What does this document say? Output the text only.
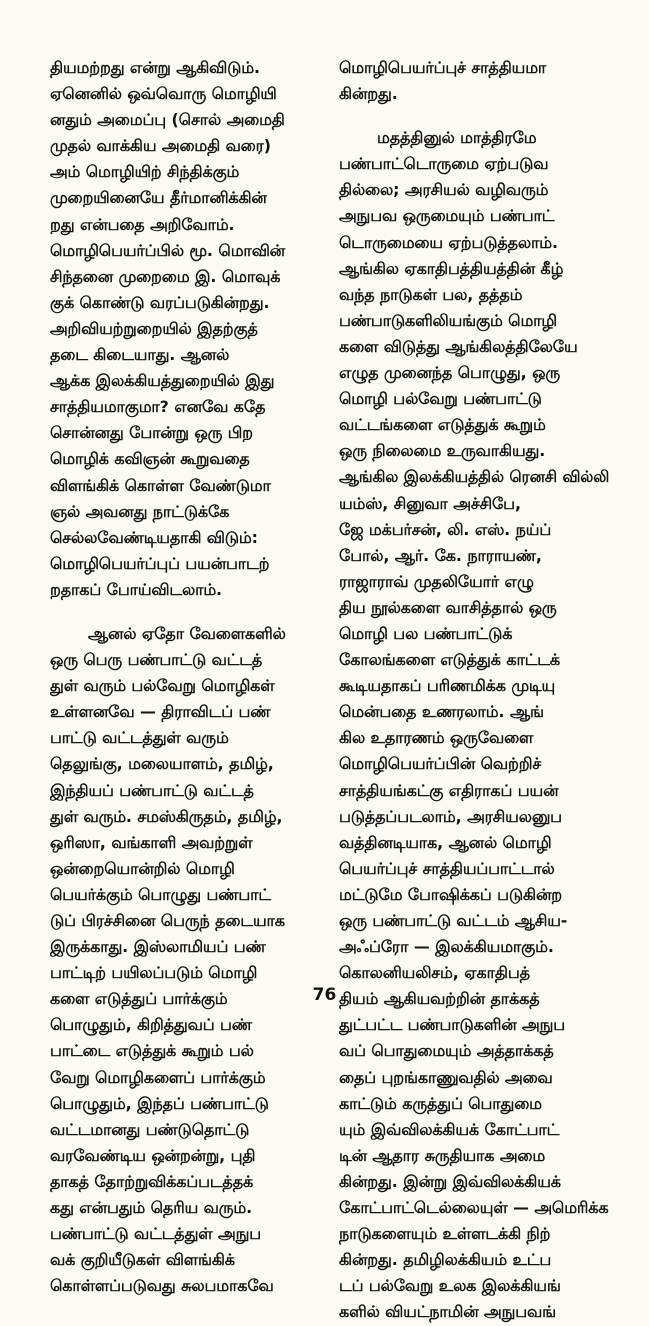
தியமற்றது என்று ஆகிவிடும்.
ஏனெனில் ஒவ்வொரு மொழியி
னதும் அமைப்பு (சொல் அமைதி
முதல் வாக்கிய அமைதி வரை)
அம் மொழியிற் சிந்திக்கும்
முறையினையே தீர்மானிக்கின்
றது என்பதை அறிவோம்.
மொழிபெயர்ப்பில் மூ. மொவின்
சிந்தனை முறைமை இ. மொவுக்
குக் கொண்டு வரப்படுகின்றது.
அறிவியற்றுறையில் இதற்குத்
தடை கிடையாது. ஆனல்
ஆக்க இலக்கியத்துறையில் இது
சாத்தியமாகுமா? எனவே கதே
சொன்னது போன்று ஒரு பிற
மொழிக் கவிஞன் கூறுவதை
விளங்கிக் கொள்ள வேண்டுமா
ஞல் அவனது நாட்டுக்கே
செல்லவேண்டியதாகி விடும்:
மொழிபெயர்ப்புப் பயன்பாடற்
றதாகப் போய்விடலாம்.
ஆனல் ஏதோ வேளைகளில்
ஒரு பெரு பண்பாட்டு வட்டத்
துள் வரும் பல்வேறு மொழிகள்
உள்ளனவே — திராவிடப் பண்
பாட்டு வட்டத்துள் வரும்
தெலுங்கு, மலையாளம், தமிழ்,
இந்தியப் பண்பாட்டு வட்டத்
துள் வரும். சமஸ்கிருதம், தமிழ்,
ஒரிஸா, வங்காளி அவற்றுள்
ஒன்றையொன்றில் மொழி
பெயர்க்கும் பொழுது பண்பாட்
டுப் பிரச்சினை பெருந் தடையாக
இருக்காது. இஸ்லாமியப் பண்
பாட்டிற் பயிலப்படும் மொழி
களை எடுத்துப் பார்க்கும்
பொழுதும், கிறித்துவப் பண்
பாட்டை எடுத்துக் கூறும் பல்
வேறு மொழிகளைப் பார்க்கும்
பொழுதும், இந்தப் பண்பாட்டு
வட்டமானது பண்டுதொட்டு
வரவேண்டிய ஒன்றன்று, புதி
தாகத் தோற்றுவிக்கப்படத்தக்
கது என்பதும் தெரிய வரும்.
பண்பாட்டு வட்டத்துள் அநுப
வக் குறியீடுகள் விளங்கிக்
கொள்ளப்படுவது சுலபமாகவே
மொழிபெயர்ப்புச் சாத்தியமா
கின்றது.
மதத்தினுல் மாத்திரமே
பண்பாட்டொருமை ஏற்படுவ
தில்லை; அரசியல் வழிவரும்
அநுபவ ஒருமையும் பண்பாட்
டொருமையை ஏற்படுத்தலாம்.
ஆங்கில ஏகாதிபத்தியத்தின் கீழ்
வந்த நாடுகள் பல, தத்தம்
பண்பாடுகளிலியங்கும் மொழி
களை விடுத்து ஆங்கிலத்திலேயே
எழுத முனைந்த பொழுது, ஒரு
மொழி பல்வேறு பண்பாட்டு
வட்டங்களை எடுத்துக் கூறும்
ஒரு நிலைமை உருவாகியது.
ஆங்கில இலக்கியத்தில் ரெனசி வில்லி
யம்ஸ், சினுவா அச்சிபே,
ஜே மக்பர்சன், லி. எஸ். நய்ப்
போல், ஆர். கே. நாராயண்,
ராஜாராவ் முதலியோர் எழு
திய நூல்களை வாசித்தால் ஒரு
மொழி பல பண்பாட்டுக்
கோலங்களை எடுத்துக் காட்டக்
கூடியதாகப் பரிணமிக்க முடியு
மென்பதை உணரலாம். ஆங்
கில உதாரணம் ஒருவேளை
மொழிபெயர்ப்பின் வெற்றிச்
சாத்தியங்கட்கு எதிராகப் பயன்
படுத்தப்படலாம், அரசியலனுப
வத்தினடியாக, ஆனல் மொழி
பெயர்ப்புச் சாத்தியப்பாட்டால்
மட்டுமே போஷிக்கப் படுகின்ற
ஒரு பண்பாட்டு வட்டம் ஆசிய-
அஃப்ரோ — இலக்கியமாகும்.
கொலனியலிசம், ஏகாதிபத்
தியம் ஆகியவற்றின் தாக்கத்
துட்பட்ட பண்பாடுகளின் அநுப
வப் பொதுமையும் அத்தாக்கத்
தைப் புறங்காணுவதில் அவை
காட்டும் கருத்துப் பொதுமை
யும் இவ்விலக்கியக் கோட்பாட்
டின் ஆதார சுருதியாக அமை
கின்றது. இன்று இவ்விலக்கியக்
கோட்பாட்டெல்லையுள் — அமெரிக்க
நாடுகளையும் உள்ளடக்கி நிற்
கின்றது. தமிழிலக்கியம் உட்ப
டப் பல்வேறு உலக இலக்கியங்
களில் வியட்நாமின் அநுபவங்
76
